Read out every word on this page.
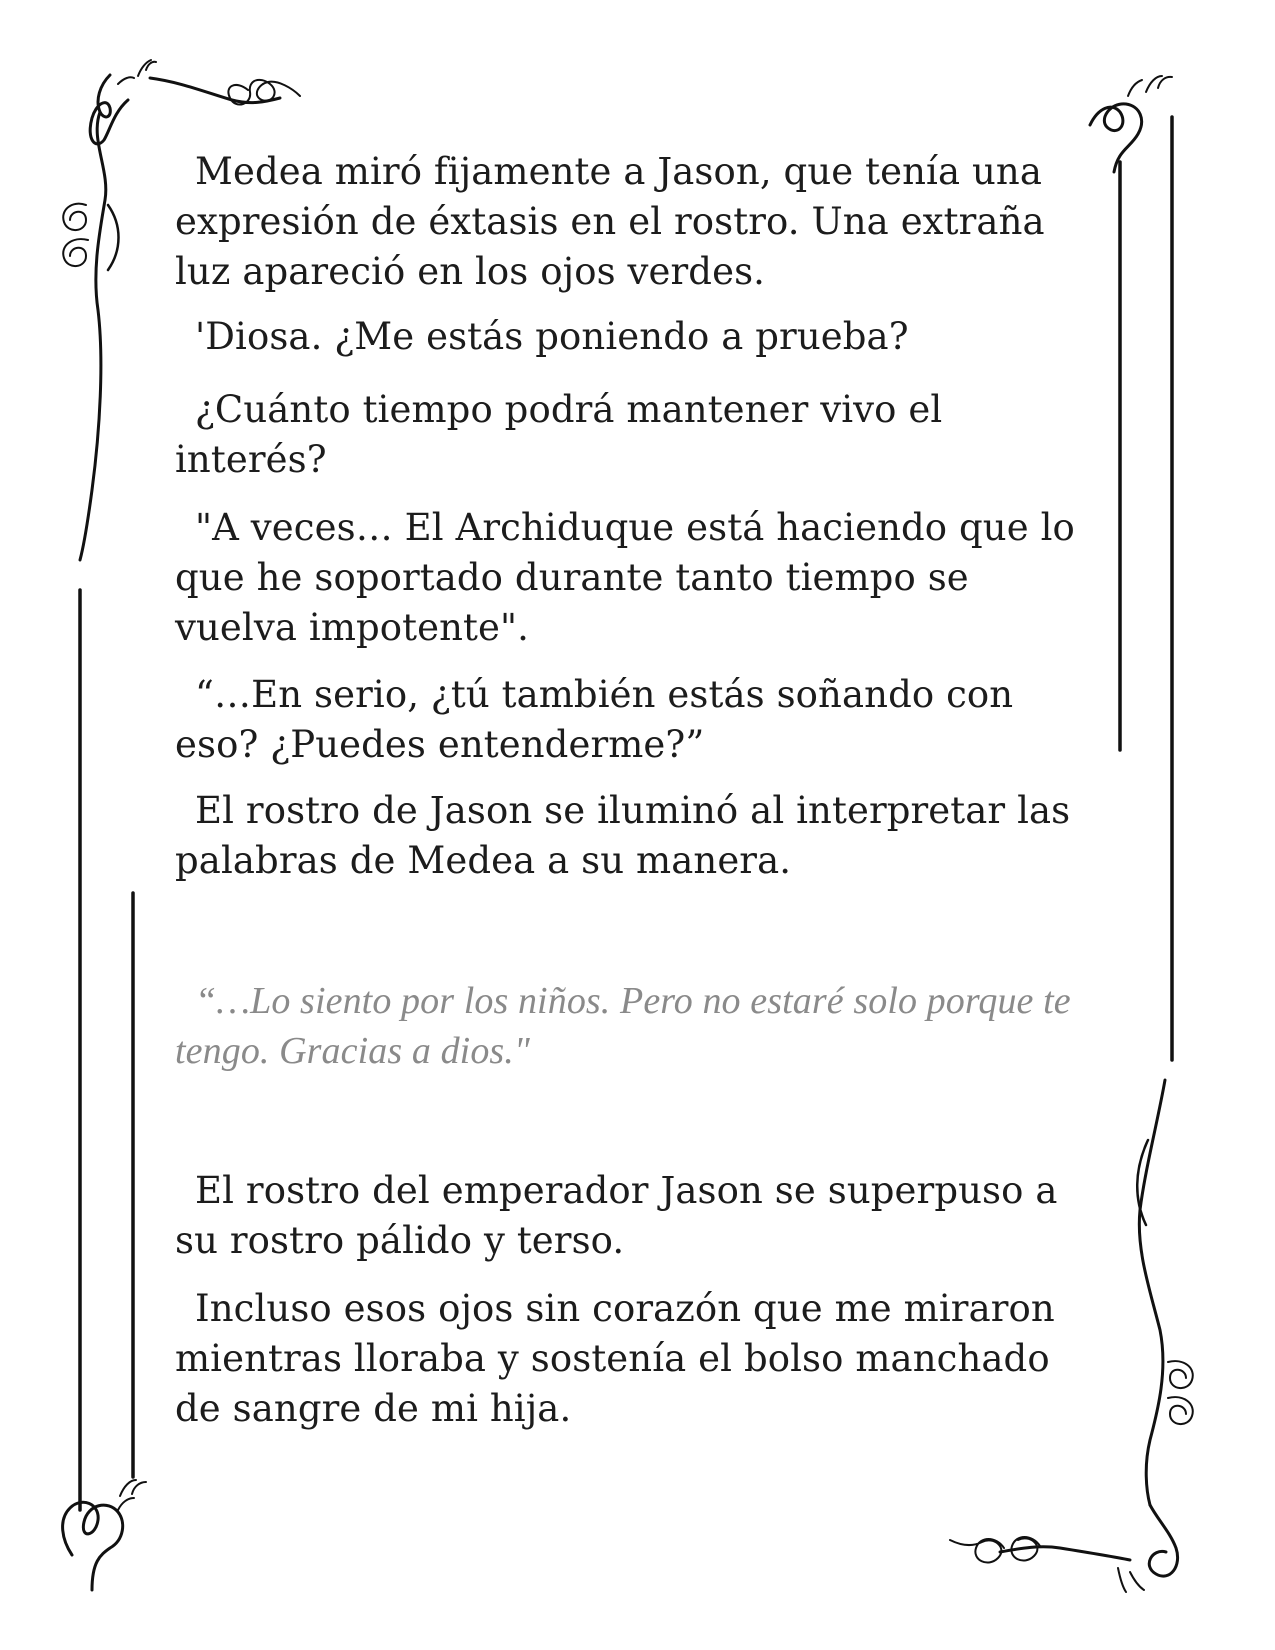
Medea miró fijamente a Jason, que tenía una expresión de éxtasis en el rostro. Una extraña luz apareció en los ojos verdes.

'Diosa. ¿Me estás poniendo a prueba?

¿Cuánto tiempo podrá mantener vivo el interés?

"A veces… El Archiduque está haciendo que lo que he soportado durante tanto tiempo se vuelva impotente".

“…En serio, ¿tú también estás soñando con eso? ¿Puedes entenderme?”

El rostro de Jason se iluminó al interpretar las palabras de Medea a su manera.

“…Lo siento por los niños. Pero no estaré solo porque te tengo. Gracias a dios."

El rostro del emperador Jason se superpuso a su rostro pálido y terso.

Incluso esos ojos sin corazón que me miraron mientras lloraba y sostenía el bolso manchado de sangre de mi hija.
